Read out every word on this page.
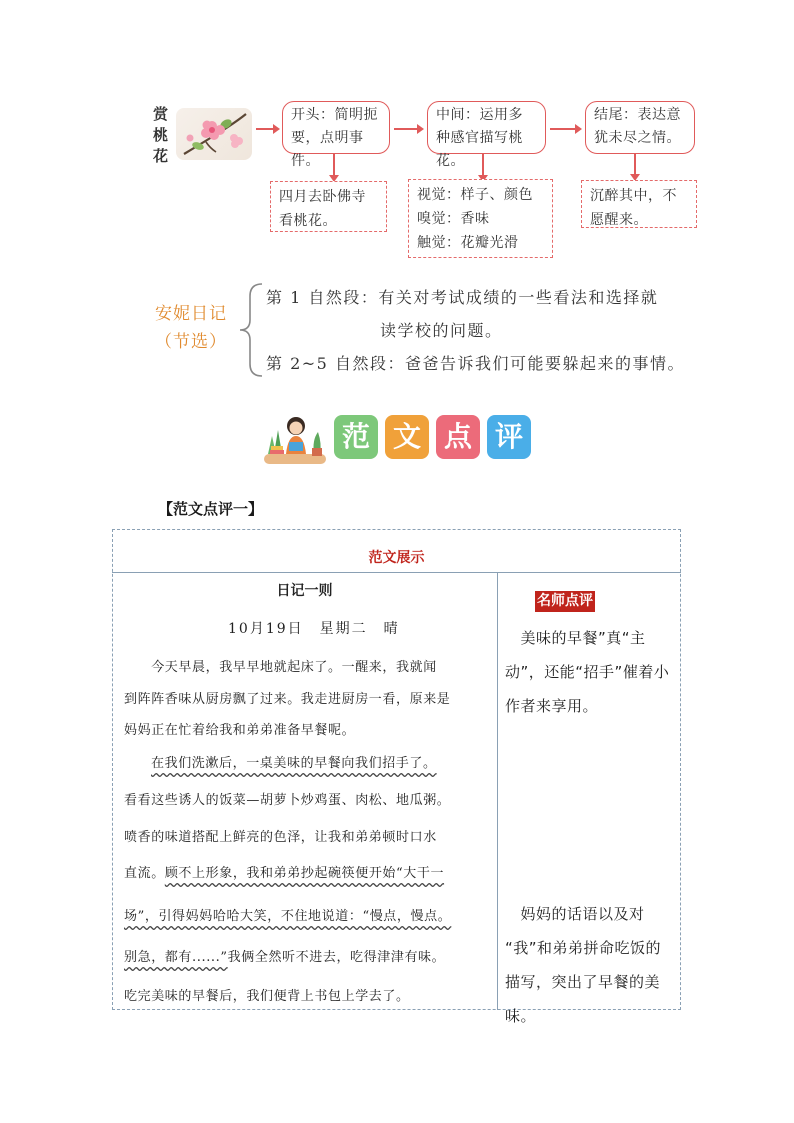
赏桃花
开头：简明扼要，点明事件。
中间：运用多种感官描写桃花。
结尾：表达意犹未尽之情。
四月去卧佛寺看桃花。
视觉：样子、颜色
嗅觉：香味
触觉：花瓣光滑
沉醉其中，不愿醒来。
安妮日记
（节选）
第 1 自然段：有关对考试成绩的一些看法和选择就
读学校的问题。
第 2~5 自然段：爸爸告诉我们可能要躲起来的事情。
范 文 点 评
【范文点评一】
范文展示
日记一则
10月19日　星期二　晴
　　今天早晨，我早早地就起床了。一醒来，我就闻
到阵阵香味从厨房飘了过来。我走进厨房一看，原来是
妈妈正在忙着给我和弟弟准备早餐呢。
在我们洗漱后，一桌美味的早餐向我们招手了。
看看这些诱人的饭菜—胡萝卜炒鸡蛋、肉松、地瓜粥。
喷香的味道搭配上鲜亮的色泽，让我和弟弟顿时口水
直流。顾不上形象，我和弟弟抄起碗筷便开始“大干一
场”，引得妈妈哈哈大笑，不住地说道：“慢点，慢点。
别急，都有......”我俩全然听不进去，吃得津津有味。
吃完美味的早餐后，我们便背上书包上学去了。
名师点评
　美味的早餐”真“主
动”，还能“招手”催着小
作者来享用。
　妈妈的话语以及对
“我”和弟弟拼命吃饭的
描写，突出了早餐的美味。
